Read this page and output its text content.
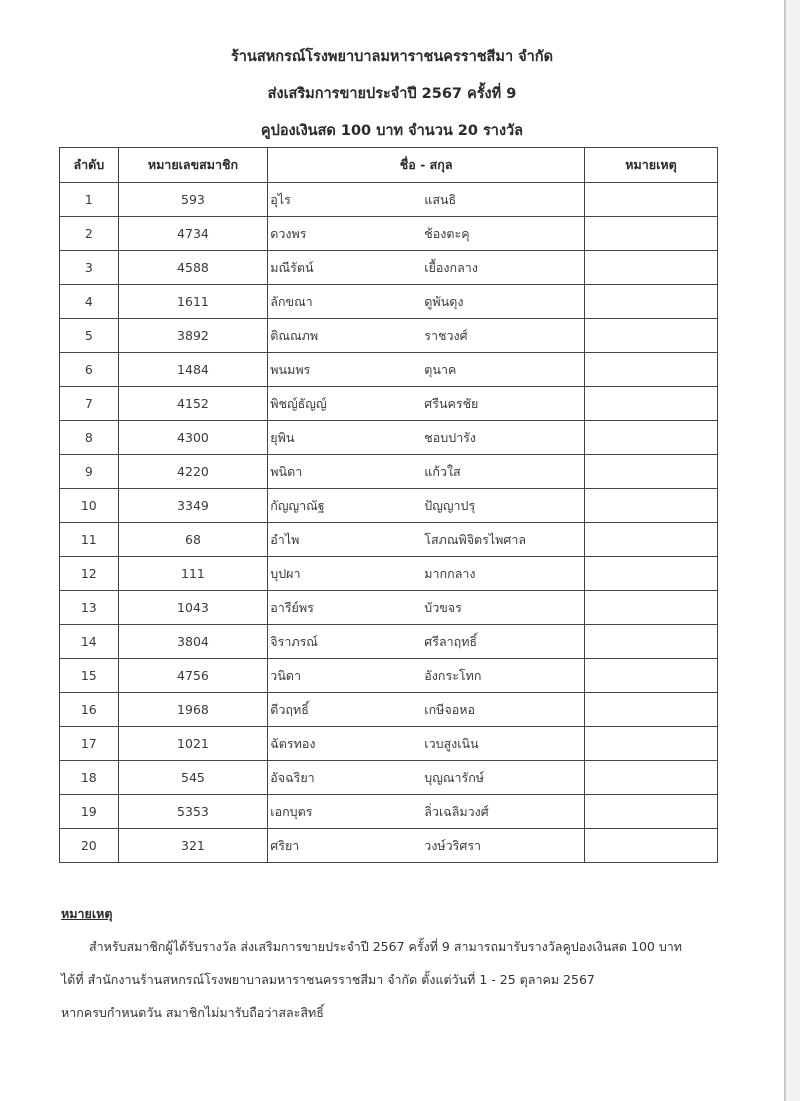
ร้านสหกรณ์โรงพยาบาลมหาราชนครราชสีมา จำกัด
ส่งเสริมการขายประจำปี 2567 ครั้งที่ 9
คูปองเงินสด 100 บาท จำนวน 20 รางวัล
ลำดับ	หมายเลขสมาชิก	ชื่อ - สกุล	หมายเหตุ
1	593	อุไร แสนธิ	
2	4734	ดวงพร ช้องตะคุ	
3	4588	มณีรัตน์ เยื้องกลาง	
4	1611	ลักขณา ดูพันดุง	
5	3892	ติณณภพ ราชวงศ์	
6	1484	พนมพร ตุนาค	
7	4152	พิชญ์ธัญญ์ ศรีนครชัย	
8	4300	ยุพิน ชอบปารัง	
9	4220	พนิดา แก้วใส	
10	3349	กัญญาณัฐ ปัญญาปรุ	
11	68	อำไพ โสภณพิจิตรไพศาล	
12	111	บุปผา มากกลาง	
13	1043	อารีย์พร บัวขจร	
14	3804	จิราภรณ์ ศรีลาฤทธิ์	
15	4756	วนิดา อังกระโทก	
16	1968	ดีวฤทธิ์ เกษีจอหอ	
17	1021	ฉัตรทอง เวบสูงเนิน	
18	545	อัจฉริยา บุญณารักษ์	
19	5353	เอกบุตร ลิ่วเฉลิมวงศ์	
20	321	ศริยา วงษ์วริศรา	
หมายเหตุ
สำหรับสมาชิกผู้ได้รับรางวัล ส่งเสริมการขายประจำปี 2567 ครั้งที่ 9 สามารถมารับรางวัลคูปองเงินสด 100 บาท
ได้ที่ สำนักงานร้านสหกรณ์โรงพยาบาลมหาราชนครราชสีมา จำกัด ตั้งแต่วันที่ 1 - 25 ตุลาคม 2567
หากครบกำหนดวัน สมาชิกไม่มารับถือว่าสละสิทธิ์
